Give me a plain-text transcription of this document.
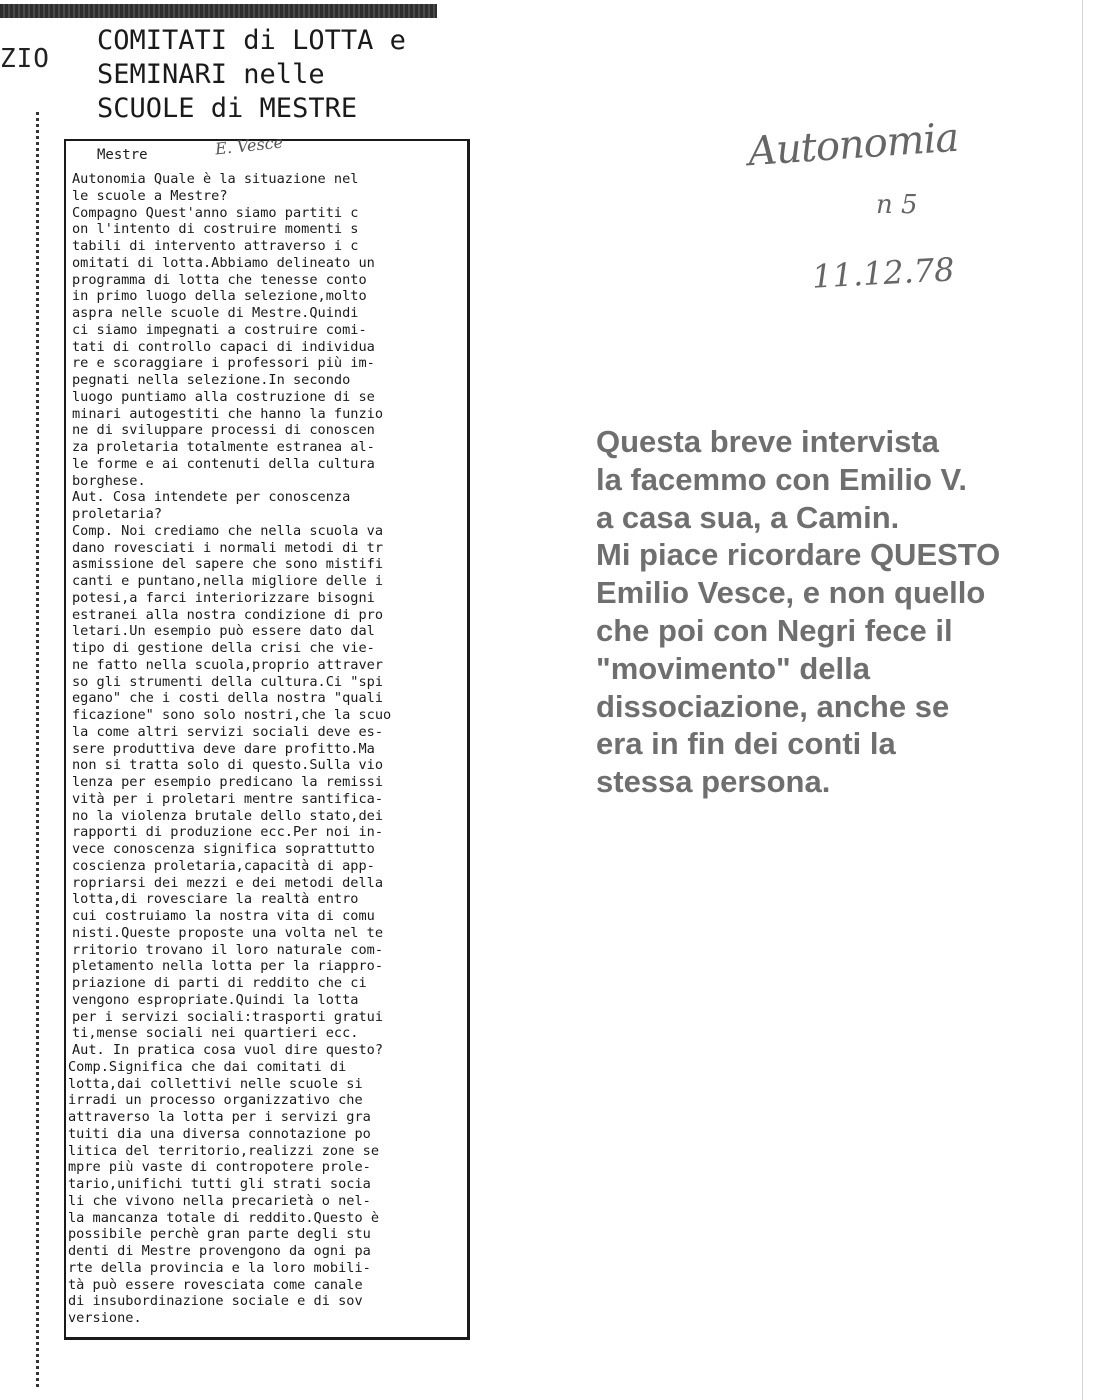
ZIO
COMITATI di LOTTA e
SEMINARI nelle
SCUOLE di MESTRE
Mestre	E. Vesce
Autonomia Quale è la situazione nel
le scuole a Mestre?
Compagno Quest'anno siamo partiti c
on l'intento di costruire momenti s
tabili di intervento attraverso i c
omitati di lotta.Abbiamo delineato un
programma di lotta che tenesse conto
in primo luogo della selezione,molto
aspra nelle scuole di Mestre.Quindi
ci siamo impegnati a costruire comi-
tati di controllo capaci di individua
re e scoraggiare i professori più im-
pegnati nella selezione.In secondo
luogo puntiamo alla costruzione di se
minari autogestiti che hanno la funzio
ne di sviluppare processi di conoscen
za proletaria totalmente estranea al-
le forme e ai contenuti della cultura
borghese.
Aut. Cosa intendete per conoscenza
proletaria?
Comp. Noi crediamo che nella scuola va
dano rovesciati i normali metodi di tr
asmissione del sapere che sono mistifi
canti e puntano,nella migliore delle i
potesi,a farci interiorizzare bisogni
estranei alla nostra condizione di pro
letari.Un esempio può essere dato dal
tipo di gestione della crisi che vie-
ne fatto nella scuola,proprio attraver
so gli strumenti della cultura.Ci "spi
egano" che i costi della nostra "quali
ficazione" sono solo nostri,che la scuo
la come altri servizi sociali deve es-
sere produttiva deve dare profitto.Ma
non si tratta solo di questo.Sulla vio
lenza per esempio predicano la remissi
vità per i proletari mentre santifica-
no la violenza brutale dello stato,dei
rapporti di produzione ecc.Per noi in-
vece conoscenza significa soprattutto
coscienza proletaria,capacità di app-
ropriarsi dei mezzi e dei metodi della
lotta,di rovesciare la realtà entro
cui costruiamo la nostra vita di comu
nisti.Queste proposte una volta nel te
rritorio trovano il loro naturale com-
pletamento nella lotta per la riappro-
priazione di parti di reddito che ci
vengono espropriate.Quindi la lotta
per i servizi sociali:trasporti gratui
ti,mense sociali nei quartieri ecc.
Aut. In pratica cosa vuol dire questo?
Comp.Significa che dai comitati di
lotta,dai collettivi nelle scuole si
irradi un processo organizzativo che
attraverso la lotta per i servizi gra
tuiti dia una diversa connotazione po
litica del territorio,realizzi zone se
mpre più vaste di contropotere prole-
tario,unifichi tutti gli strati socia
li che vivono nella precarietà o nel-
la mancanza totale di reddito.Questo è
possibile perchè gran parte degli stu
denti di Mestre provengono da ogni pa
rte della provincia e la loro mobili-
tà può essere rovesciata come canale
di insubordinazione sociale e di sov
versione.
Autonomia
n 5
11.12.78
Questa breve intervista
la facemmo con Emilio V.
a casa sua, a Camin.
Mi piace ricordare QUESTO
Emilio Vesce, e non quello
che poi con Negri fece il
"movimento" della
dissociazione, anche se
era in fin dei conti la
stessa persona.
